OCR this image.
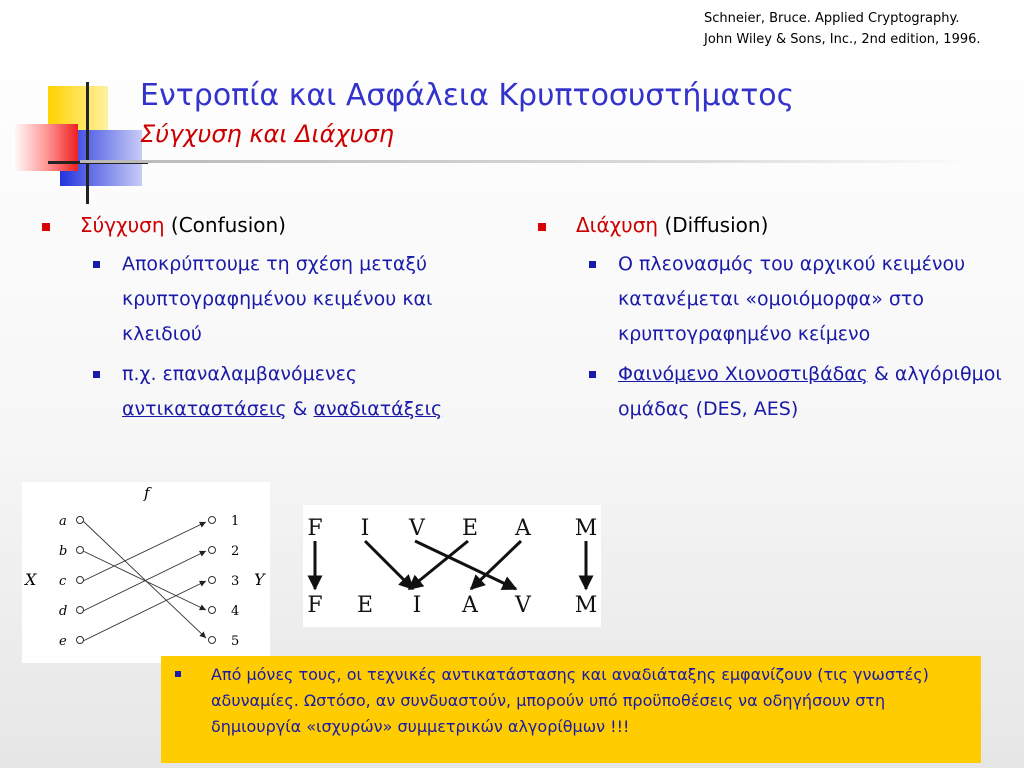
Schneier, Bruce. Applied Cryptography.
John Wiley & Sons, Inc., 2nd edition, 1996.
Εντροπία και Ασφάλεια Κρυπτοσυστήματος
Σύγχυση και Διάχυση
Σύγχυση (Confusion)
Αποκρύπτουμε τη σχέση μεταξύ κρυπτογραφημένου κειμένου και κλειδιού
π.χ. επαναλαμβανόμενες
αντικαταστάσεις & αναδιατάξεις
Διάχυση (Diffusion)
Ο πλεονασμός του αρχικού κειμένου κατανέμεται «ομοιόμορφα» στο κρυπτογραφημένο κείμενο
Φαινόμενο Χιονοστιβάδας & αλγόριθμοι ομάδας (DES, AES)
f
X	Y
a
b
c
d
e
1
2
3
4
5
F I V E A M
F E I A V M
Από μόνες τους, οι τεχνικές αντικατάστασης και αναδιάταξης εμφανίζουν (τις γνωστές) αδυναμίες. Ωστόσο, αν συνδυαστούν, μπορούν υπό προϋποθέσεις να οδηγήσουν στη δημιουργία «ισχυρών» συμμετρικών αλγορίθμων !!!
